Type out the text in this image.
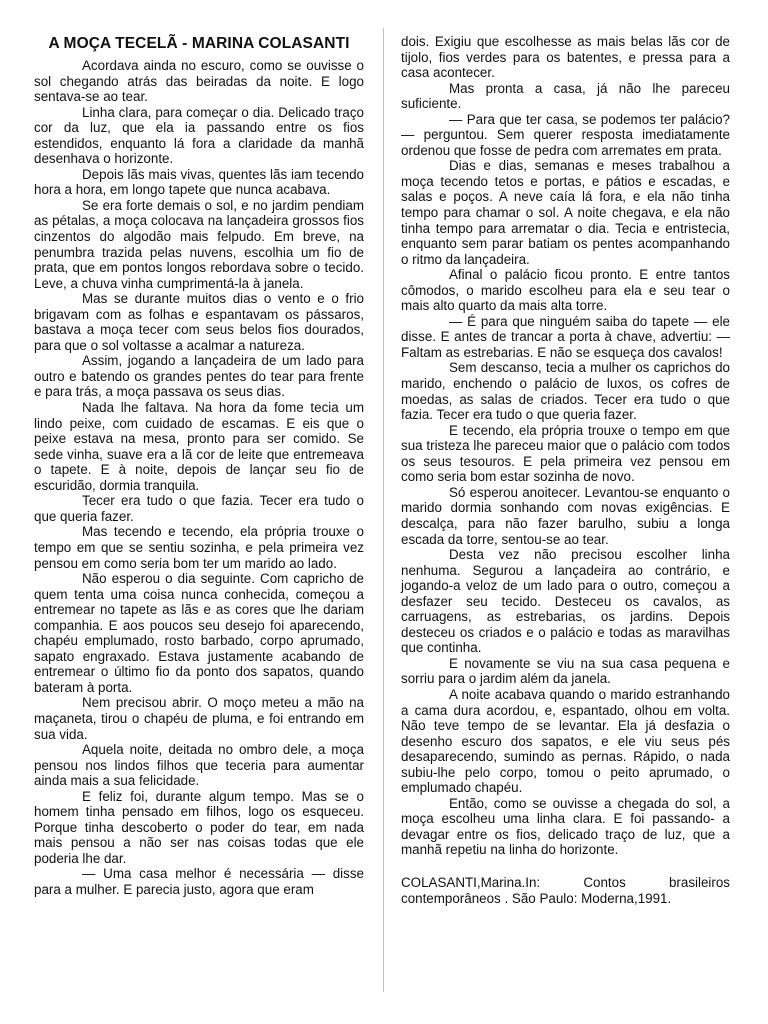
A MOÇA TECELÃ - MARINA COLASANTI

Acordava ainda no escuro, como se ouvisse o sol chegando atrás das beiradas da noite. E logo sentava-se ao tear.

Linha clara, para começar o dia. Delicado traço cor da luz, que ela ia passando entre os fios estendidos, enquanto lá fora a claridade da manhã desenhava o horizonte.

Depois lãs mais vivas, quentes lãs iam tecendo hora a hora, em longo tapete que nunca acabava.

Se era forte demais o sol, e no jardim pendiam as pétalas, a moça colocava na lançadeira grossos fios cinzentos do algodão mais felpudo. Em breve, na penumbra trazida pelas nuvens, escolhia um fio de prata, que em pontos longos rebordava sobre o tecido. Leve, a chuva vinha cumprimentá-la à janela.

Mas se durante muitos dias o vento e o frio brigavam com as folhas e espantavam os pássaros, bastava a moça tecer com seus belos fios dourados, para que o sol voltasse a acalmar a natureza.

Assim, jogando a lançadeira de um lado para outro e batendo os grandes pentes do tear para frente e para trás, a moça passava os seus dias.

Nada lhe faltava. Na hora da fome tecia um lindo peixe, com cuidado de escamas. E eis que o peixe estava na mesa, pronto para ser comido. Se sede vinha, suave era a lã cor de leite que entremeava o tapete. E à noite, depois de lançar seu fio de escuridão, dormia tranquila.

Tecer era tudo o que fazia. Tecer era tudo o que queria fazer.

Mas tecendo e tecendo, ela própria trouxe o tempo em que se sentiu sozinha, e pela primeira vez pensou em como seria bom ter um marido ao lado.

Não esperou o dia seguinte. Com capricho de quem tenta uma coisa nunca conhecida, começou a entremear no tapete as lãs e as cores que lhe dariam companhia. E aos poucos seu desejo foi aparecendo, chapéu emplumado, rosto barbado, corpo aprumado, sapato engraxado. Estava justamente acabando de entremear o último fio da ponto dos sapatos, quando bateram à porta.

Nem precisou abrir. O moço meteu a mão na maçaneta, tirou o chapéu de pluma, e foi entrando em sua vida.

Aquela noite, deitada no ombro dele, a moça pensou nos lindos filhos que teceria para aumentar ainda mais a sua felicidade.

E feliz foi, durante algum tempo. Mas se o homem tinha pensado em filhos, logo os esqueceu. Porque tinha descoberto o poder do tear, em nada mais pensou a não ser nas coisas todas que ele poderia lhe dar.

— Uma casa melhor é necessária — disse para a mulher. E parecia justo, agora que eram

dois. Exigiu que escolhesse as mais belas lãs cor de tijolo, fios verdes para os batentes, e pressa para a casa acontecer.

Mas pronta a casa, já não lhe pareceu suficiente.

— Para que ter casa, se podemos ter palácio? — perguntou. Sem querer resposta imediatamente ordenou que fosse de pedra com arremates em prata.

Dias e dias, semanas e meses trabalhou a moça tecendo tetos e portas, e pátios e escadas, e salas e poços. A neve caía lá fora, e ela não tinha tempo para chamar o sol. A noite chegava, e ela não tinha tempo para arrematar o dia. Tecia e entristecia, enquanto sem parar batiam os pentes acompanhando o ritmo da lançadeira.

Afinal o palácio ficou pronto. E entre tantos cômodos, o marido escolheu para ela e seu tear o mais alto quarto da mais alta torre.

— É para que ninguém saiba do tapete — ele disse. E antes de trancar a porta à chave, advertiu: — Faltam as estrebarias. E não se esqueça dos cavalos!

Sem descanso, tecia a mulher os caprichos do marido, enchendo o palácio de luxos, os cofres de moedas, as salas de criados. Tecer era tudo o que fazia. Tecer era tudo o que queria fazer.

E tecendo, ela própria trouxe o tempo em que sua tristeza lhe pareceu maior que o palácio com todos os seus tesouros. E pela primeira vez pensou em como seria bom estar sozinha de novo.

Só esperou anoitecer. Levantou-se enquanto o marido dormia sonhando com novas exigências. E descalça, para não fazer barulho, subiu a longa escada da torre, sentou-se ao tear.

Desta vez não precisou escolher linha nenhuma. Segurou a lançadeira ao contrário, e jogando-a veloz de um lado para o outro, começou a desfazer seu tecido. Desteceu os cavalos, as carruagens, as estrebarias, os jardins. Depois desteceu os criados e o palácio e todas as maravilhas que continha.

E novamente se viu na sua casa pequena e sorriu para o jardim além da janela.

A noite acabava quando o marido estranhando a cama dura acordou, e, espantado, olhou em volta. Não teve tempo de se levantar. Ela já desfazia o desenho escuro dos sapatos, e ele viu seus pés desaparecendo, sumindo as pernas. Rápido, o nada subiu-lhe pelo corpo, tomou o peito aprumado, o emplumado chapéu.

Então, como se ouvisse a chegada do sol, a moça escolheu uma linha clara. E foi passando- a devagar entre os fios, delicado traço de luz, que a manhã repetiu na linha do horizonte.

COLASANTI,Marina.In: Contos brasileiros contemporâneos . São Paulo: Moderna,1991.
